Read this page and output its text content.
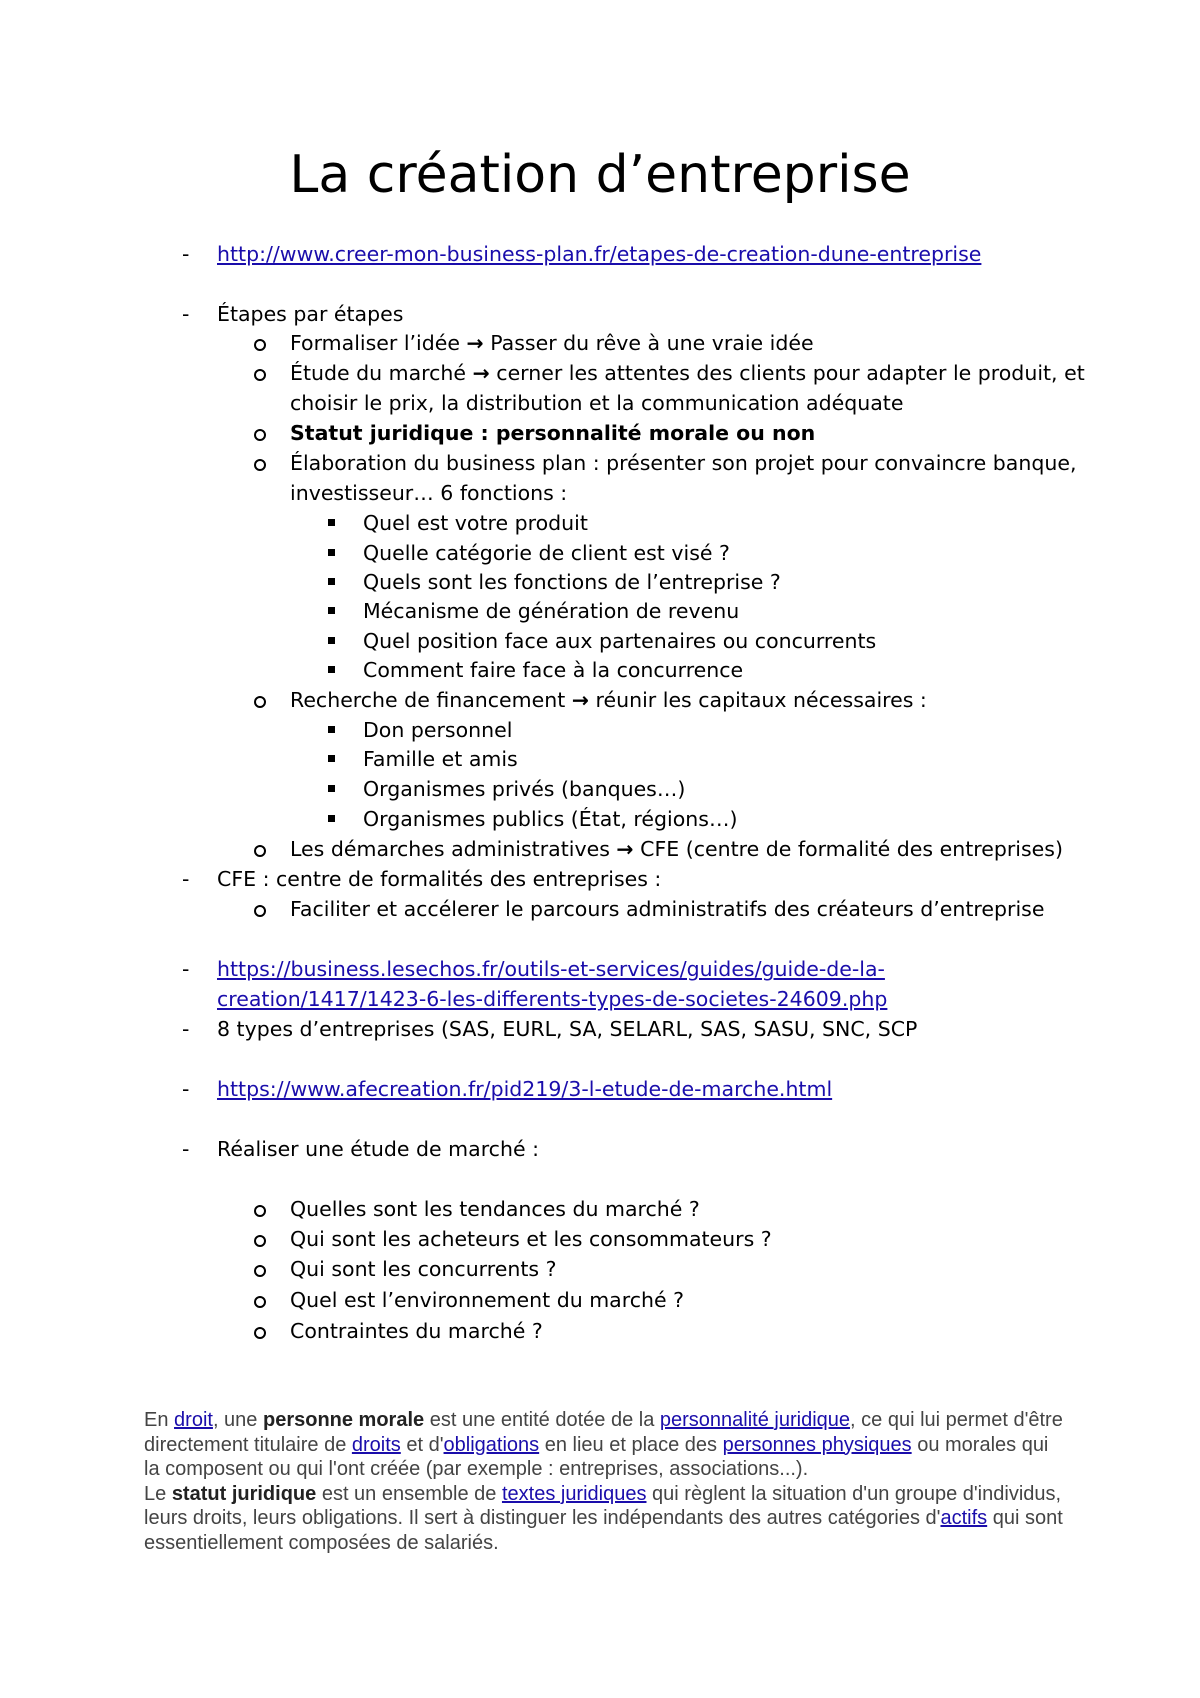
La création d’entreprise
- http://www.creer-mon-business-plan.fr/etapes-de-creation-dune-entreprise
- Étapes par étapes
Formaliser l’idée → Passer du rêve à une vraie idée
Étude du marché → cerner les attentes des clients pour adapter le produit, et
choisir le prix, la distribution et la communication adéquate
Statut juridique : personnalité morale ou non
Élaboration du business plan : présenter son projet pour convaincre banque,
investisseur… 6 fonctions :
Quel est votre produit
Quelle catégorie de client est visé ?
Quels sont les fonctions de l’entreprise ?
Mécanisme de génération de revenu
Quel position face aux partenaires ou concurrents
Comment faire face à la concurrence
Recherche de financement → réunir les capitaux nécessaires :
Don personnel
Famille et amis
Organismes privés (banques…)
Organismes publics (État, régions…)
Les démarches administratives → CFE (centre de formalité des entreprises)
- CFE : centre de formalités des entreprises :
Faciliter et accélerer le parcours administratifs des créateurs d’entreprise
- https://business.lesechos.fr/outils-et-services/guides/guide-de-la-
creation/1417/1423-6-les-differents-types-de-societes-24609.php
- 8 types d’entreprises (SAS, EURL, SA, SELARL, SAS, SASU, SNC, SCP
- https://www.afecreation.fr/pid219/3-l-etude-de-marche.html
- Réaliser une étude de marché :
Quelles sont les tendances du marché ?
Qui sont les acheteurs et les consommateurs ?
Qui sont les concurrents ?
Quel est l’environnement du marché ?
Contraintes du marché ?

En droit, une personne morale est une entité dotée de la personnalité juridique, ce qui lui permet d'être directement titulaire de droits et d'obligations en lieu et place des personnes physiques ou morales qui la composent ou qui l'ont créée (par exemple : entreprises, associations...).

Le statut juridique est un ensemble de textes juridiques qui règlent la situation d'un groupe d'individus, leurs droits, leurs obligations. Il sert à distinguer les indépendants des autres catégories d'actifs qui sont essentiellement composées de salariés.
